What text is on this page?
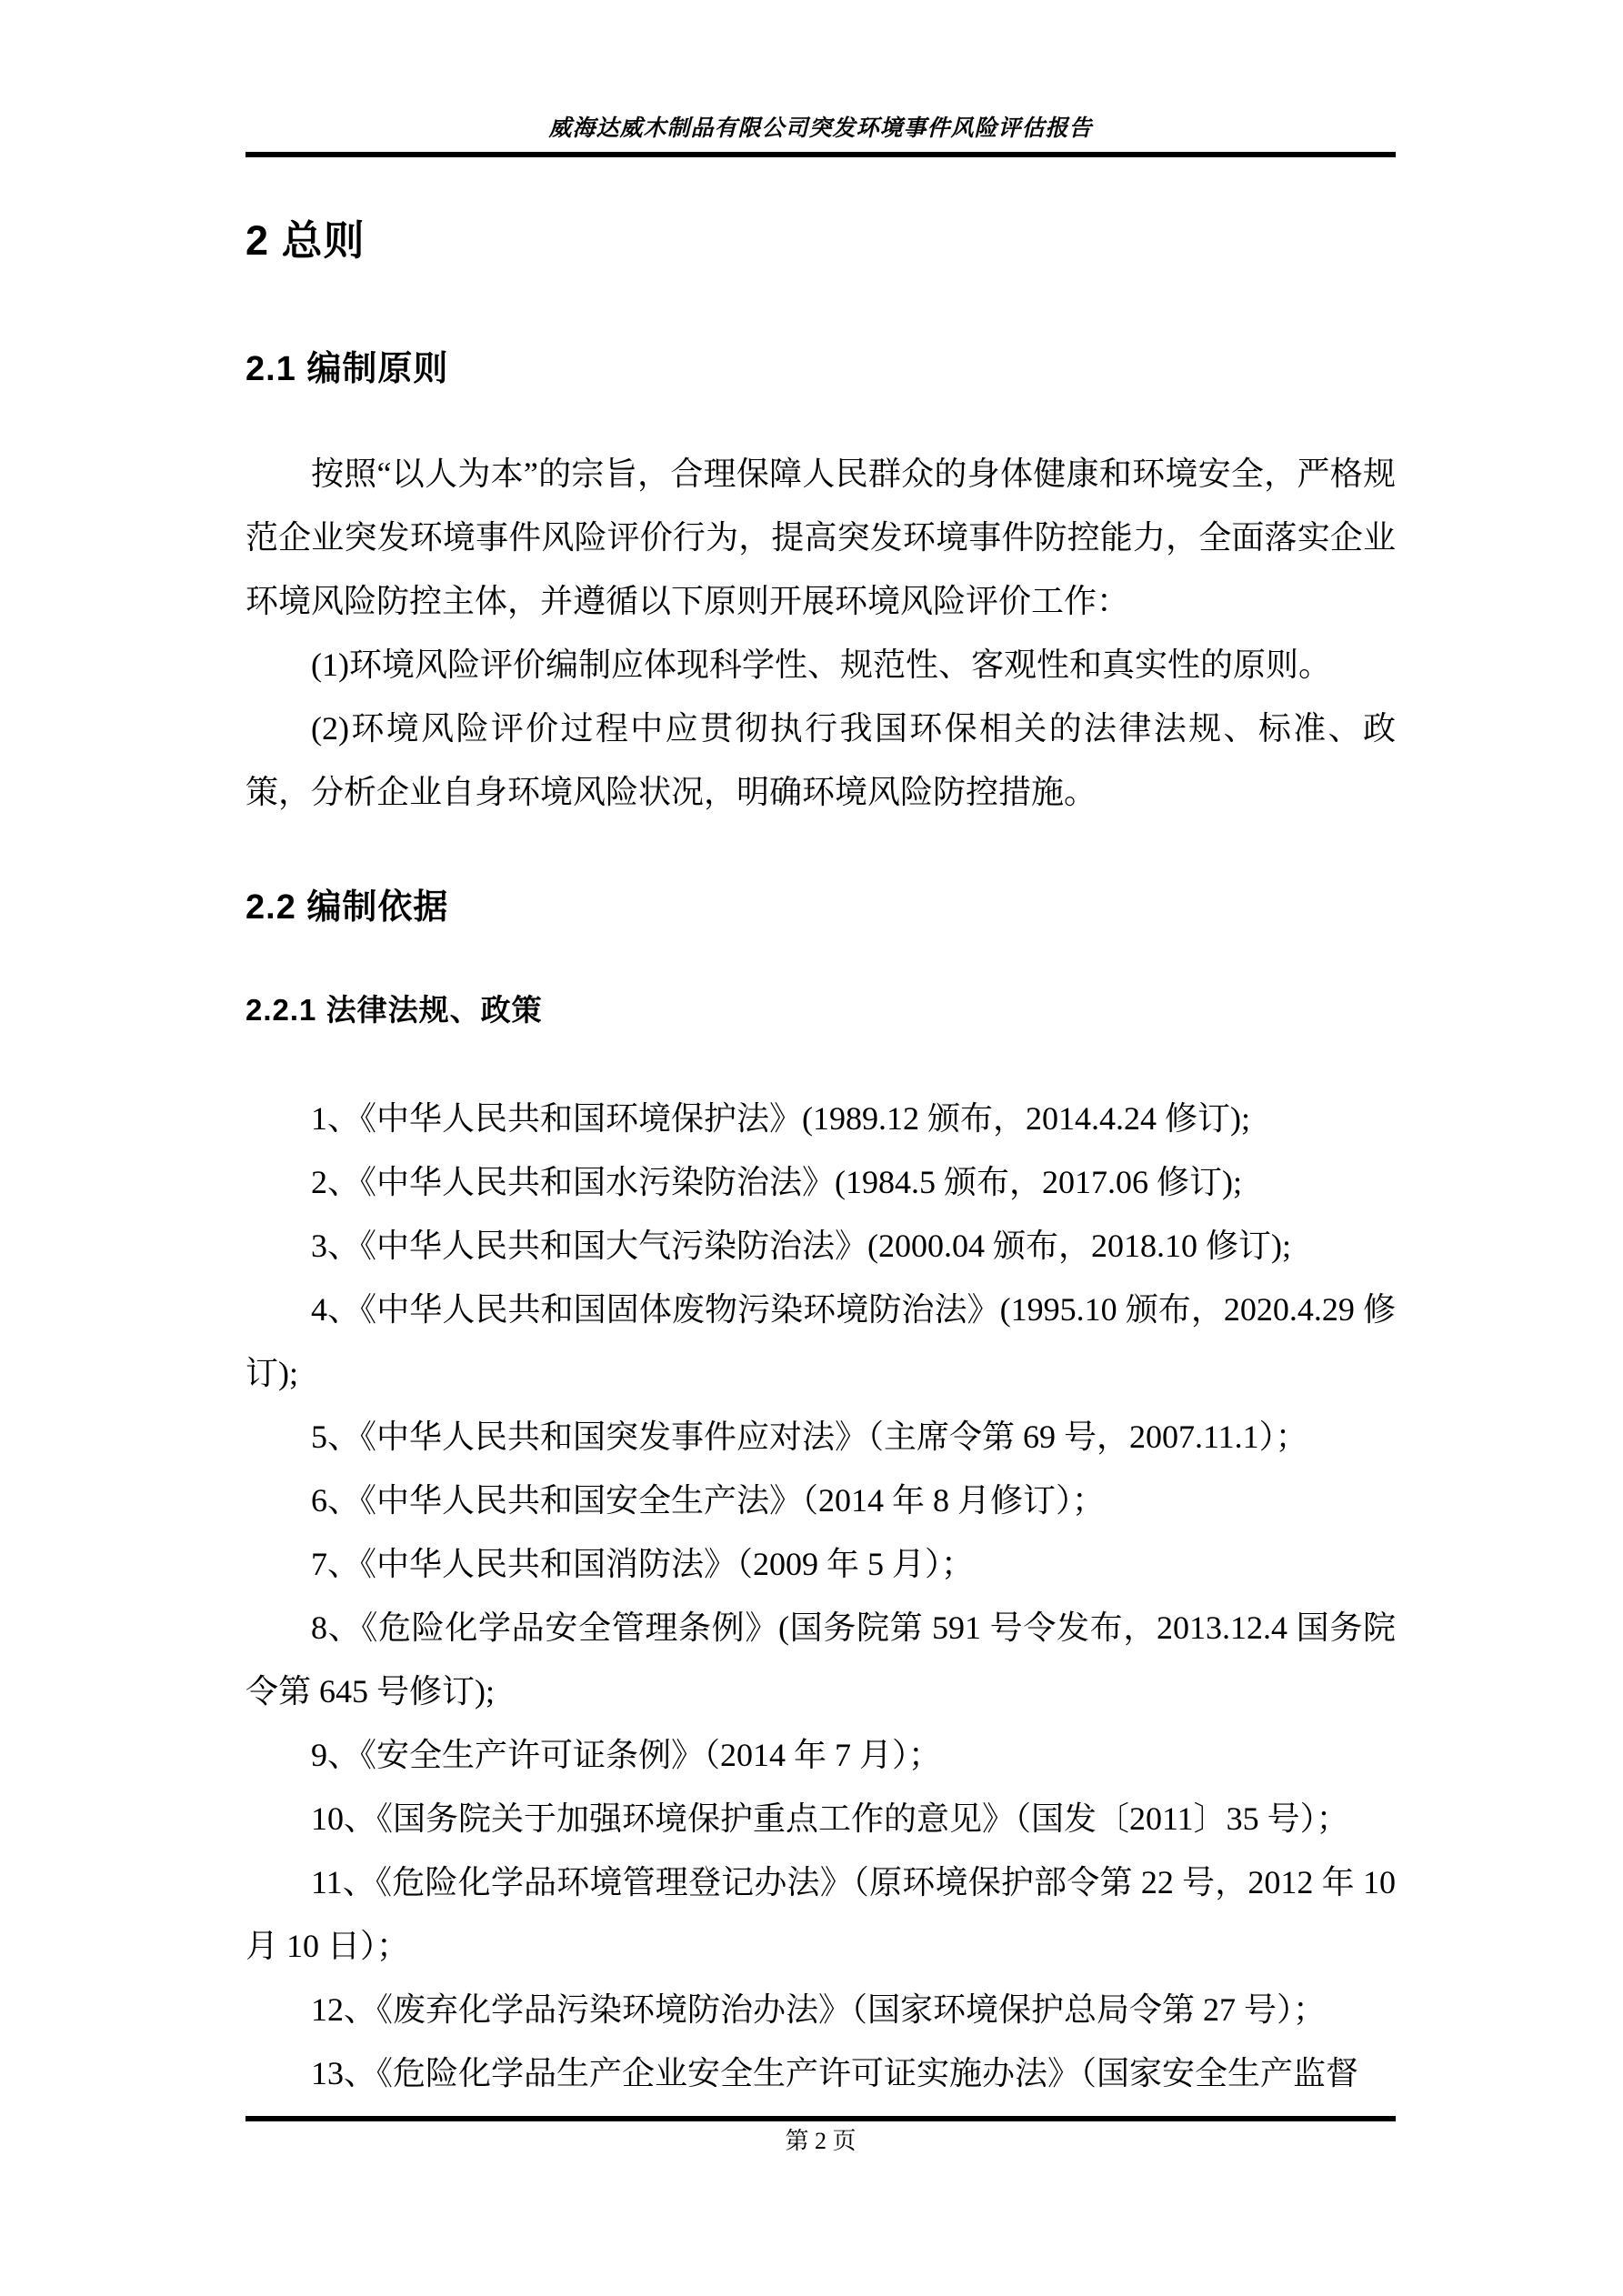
威海达威木制品有限公司突发环境事件风险评估报告
2 总则
2.1 编制原则

按照“以人为本”的宗旨，合理保障人民群众的身体健康和环境安全，严格规范企业突发环境事件风险评价行为，提高突发环境事件防控能力，全面落实企业环境风险防控主体，并遵循以下原则开展环境风险评价工作：

(1)环境风险评价编制应体现科学性、规范性、客观性和真实性的原则。

(2)环境风险评价过程中应贯彻执行我国环保相关的法律法规、标准、政策，分析企业自身环境风险状况，明确环境风险防控措施。

2.2 编制依据
2.2.1 法律法规、政策

1、《中华人民共和国环境保护法》(1989.12 颁布，2014.4.24 修订);

2、《中华人民共和国水污染防治法》(1984.5 颁布，2017.06 修订);

3、《中华人民共和国大气污染防治法》(2000.04 颁布，2018.10 修订);

4、《中华人民共和国固体废物污染环境防治法》(1995.10 颁布，2020.4.29 修订);

5、《中华人民共和国突发事件应对法》（主席令第 69 号，2007.11.1）；

6、《中华人民共和国安全生产法》（2014 年 8 月修订）；

7、《中华人民共和国消防法》（2009 年 5 月）；

8、《危险化学品安全管理条例》(国务院第 591 号令发布，2013.12.4 国务院令第 645 号修订);

9、《安全生产许可证条例》（2014 年 7 月）；

10、《国务院关于加强环境保护重点工作的意见》（国发〔2011〕35 号）；

11、《危险化学品环境管理登记办法》（原环境保护部令第 22 号，2012 年 10 月 10 日）；

12、《废弃化学品污染环境防治办法》（国家环境保护总局令第 27 号）；

13、《危险化学品生产企业安全生产许可证实施办法》（国家安全生产监督

第 2 页
